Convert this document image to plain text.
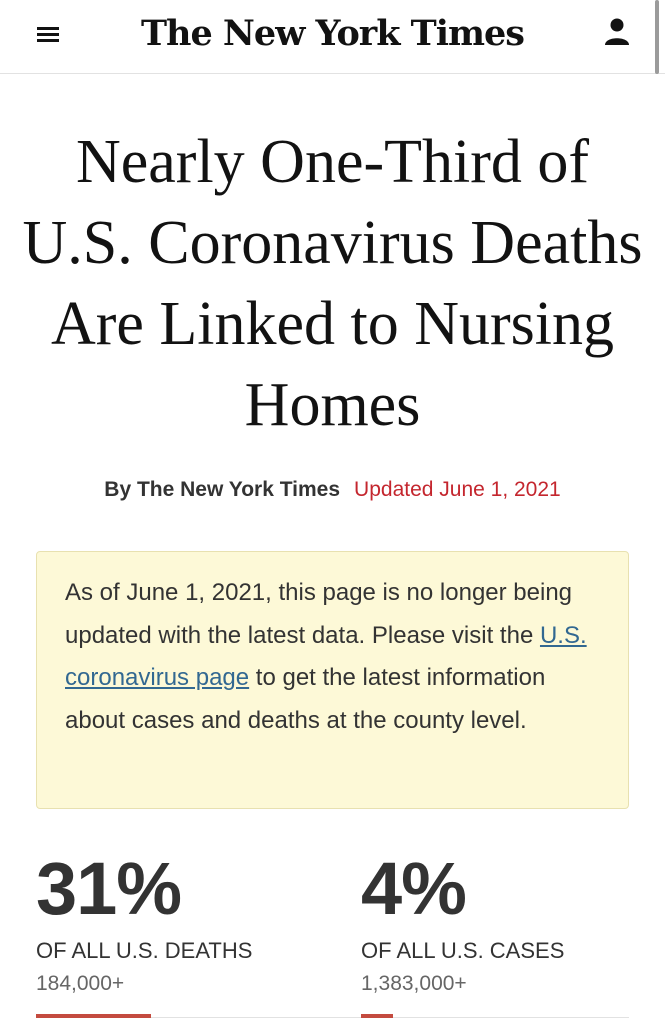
The New York Times
Nearly One-Third of U.S. Coronavirus Deaths Are Linked to Nursing Homes
By The New York Times Updated June 1, 2021

As of June 1, 2021, this page is no longer being updated with the latest data. Please visit the U.S. coronavirus page to get the latest information about cases and deaths at the county level.

31%
OF ALL U.S. DEATHS
184,000+
4%
OF ALL U.S. CASES
1,383,000+
